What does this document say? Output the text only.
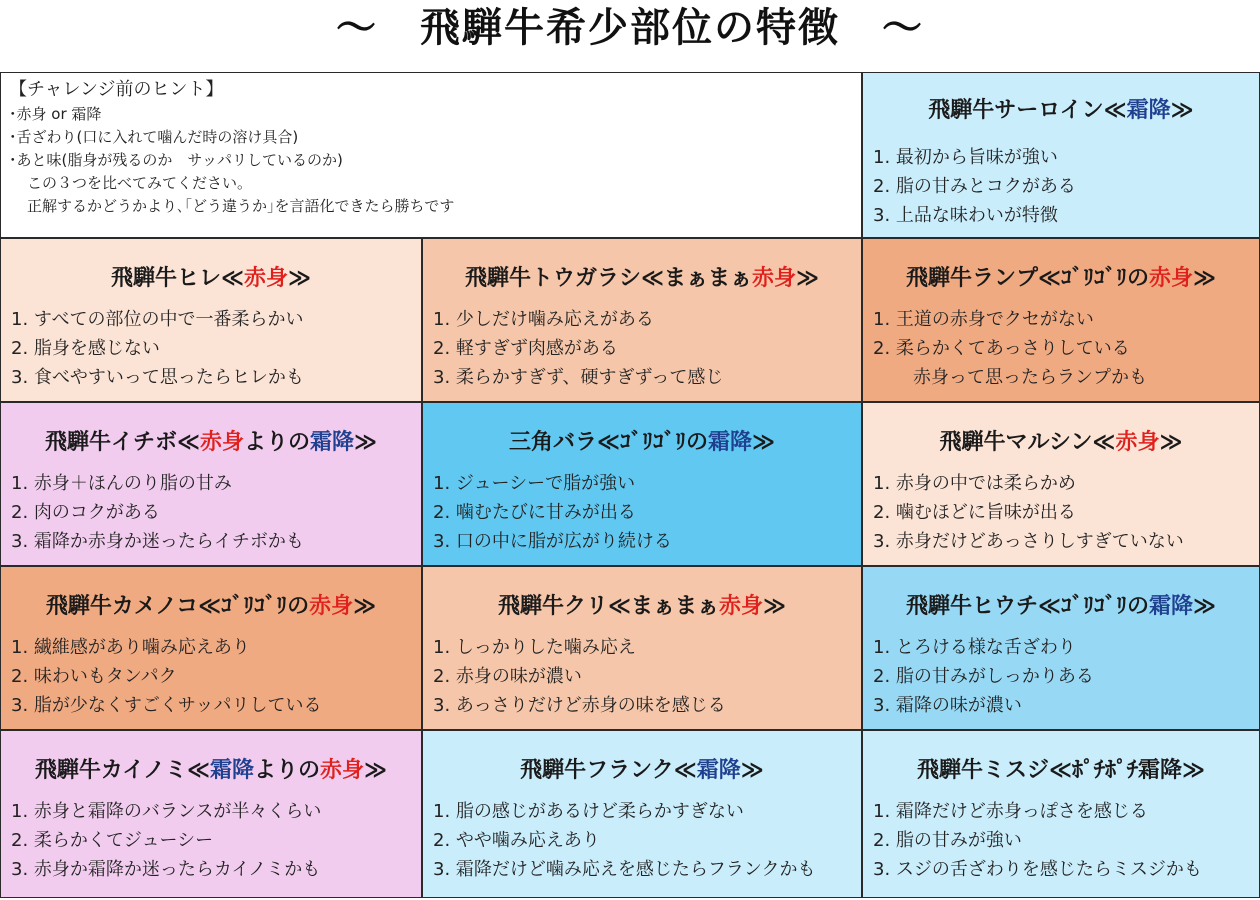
～　飛騨牛希少部位の特徴　～
【チャレンジ前のヒント】
･赤身 or 霜降
･舌ざわり(口に入れて噛んだ時の溶け具合)
･あと味(脂身が残るのか　サッパリしているのか)
この３つを比べてみてください。
正解するかどうかより､｢どう違うか｣を言語化できたら勝ちです
飛騨牛サーロイン≪霜降≫
1. 最初から旨味が強い
2. 脂の甘みとコクがある
3. 上品な味わいが特徴
飛騨牛ヒレ≪赤身≫
1. すべての部位の中で一番柔らかい
2. 脂身を感じない
3. 食べやすいって思ったらヒレかも
飛騨牛トウガラシ≪まぁまぁ赤身≫
1. 少しだけ噛み応えがある
2. 軽すぎず肉感がある
3. 柔らかすぎず、硬すぎずって感じ
飛騨牛ランプ≪ｺﾞﾘｺﾞﾘの赤身≫
1. 王道の赤身でクセがない
2. 柔らかくてあっさりしている
赤身って思ったらランプかも
飛騨牛イチボ≪赤身よりの霜降≫
1. 赤身＋ほんのり脂の甘み
2. 肉のコクがある
3. 霜降か赤身か迷ったらイチボかも
三角バラ≪ｺﾞﾘｺﾞﾘの霜降≫
1. ジューシーで脂が強い
2. 噛むたびに甘みが出る
3. 口の中に脂が広がり続ける
飛騨牛マルシン≪赤身≫
1. 赤身の中では柔らかめ
2. 噛むほどに旨味が出る
3. 赤身だけどあっさりしすぎていない
飛騨牛カメノコ≪ｺﾞﾘｺﾞﾘの赤身≫
1. 繊維感があり噛み応えあり
2. 味わいもタンパク
3. 脂が少なくすごくサッパリしている
飛騨牛クリ≪まぁまぁ赤身≫
1. しっかりした噛み応え
2. 赤身の味が濃い
3. あっさりだけど赤身の味を感じる
飛騨牛ヒウチ≪ｺﾞﾘｺﾞﾘの霜降≫
1. とろける様な舌ざわり
2. 脂の甘みがしっかりある
3. 霜降の味が濃い
飛騨牛カイノミ≪霜降よりの赤身≫
1. 赤身と霜降のバランスが半々くらい
2. 柔らかくてジューシー
3. 赤身か霜降か迷ったらカイノミかも
飛騨牛フランク≪霜降≫
1. 脂の感じがあるけど柔らかすぎない
2. やや噛み応えあり
3. 霜降だけど噛み応えを感じたらフランクかも
飛騨牛ミスジ≪ﾎﾟﾁﾎﾟﾁ霜降≫
1. 霜降だけど赤身っぽさを感じる
2. 脂の甘みが強い
3. スジの舌ざわりを感じたらミスジかも
